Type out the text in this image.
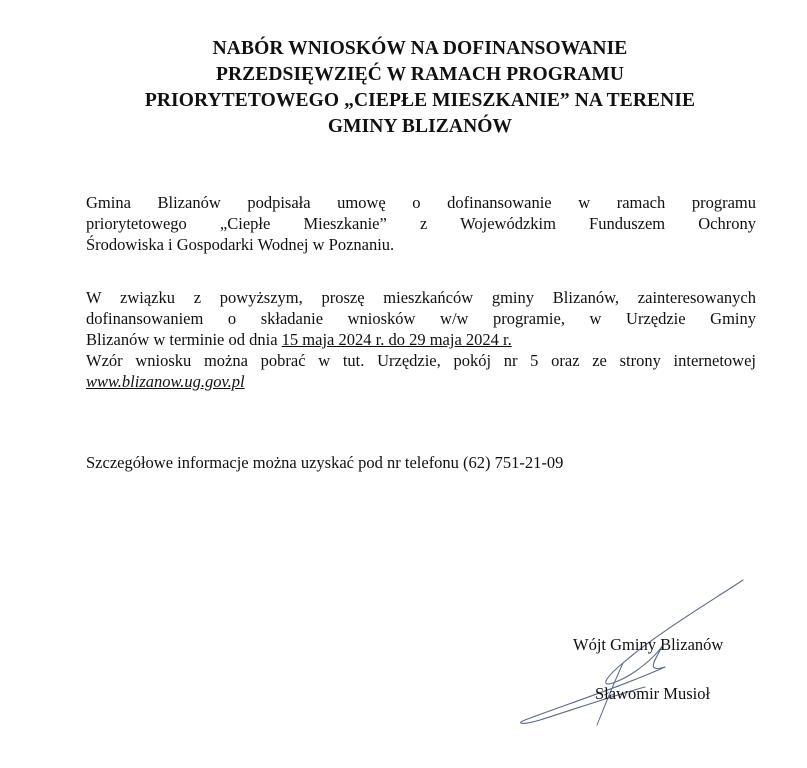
NABÓR WNIOSKÓW NA DOFINANSOWANIE
PRZEDSIĘWZIĘĆ W RAMACH PROGRAMU
PRIORYTETOWEGO „CIEPŁE MIESZKANIE” NA TERENIE
GMINY BLIZANÓW
Gmina Blizanów podpisała umowę o dofinansowanie w ramach programu
priorytetowego „Ciepłe Mieszkanie” z Wojewódzkim Funduszem Ochrony
Środowiska i Gospodarki Wodnej w Poznaniu.
W związku z powyższym, proszę mieszkańców gminy Blizanów, zainteresowanych
dofinansowaniem o składanie wniosków w/w programie, w Urzędzie Gminy
Blizanów w terminie od dnia 15 maja 2024 r. do 29 maja 2024 r.
Wzór wniosku można pobrać w tut. Urzędzie, pokój nr 5 oraz ze strony internetowej
www.blizanow.ug.gov.pl
Szczegółowe informacje można uzyskać pod nr telefonu (62) 751-21-09
Wójt Gminy Blizanów
Sławomir Musioł
